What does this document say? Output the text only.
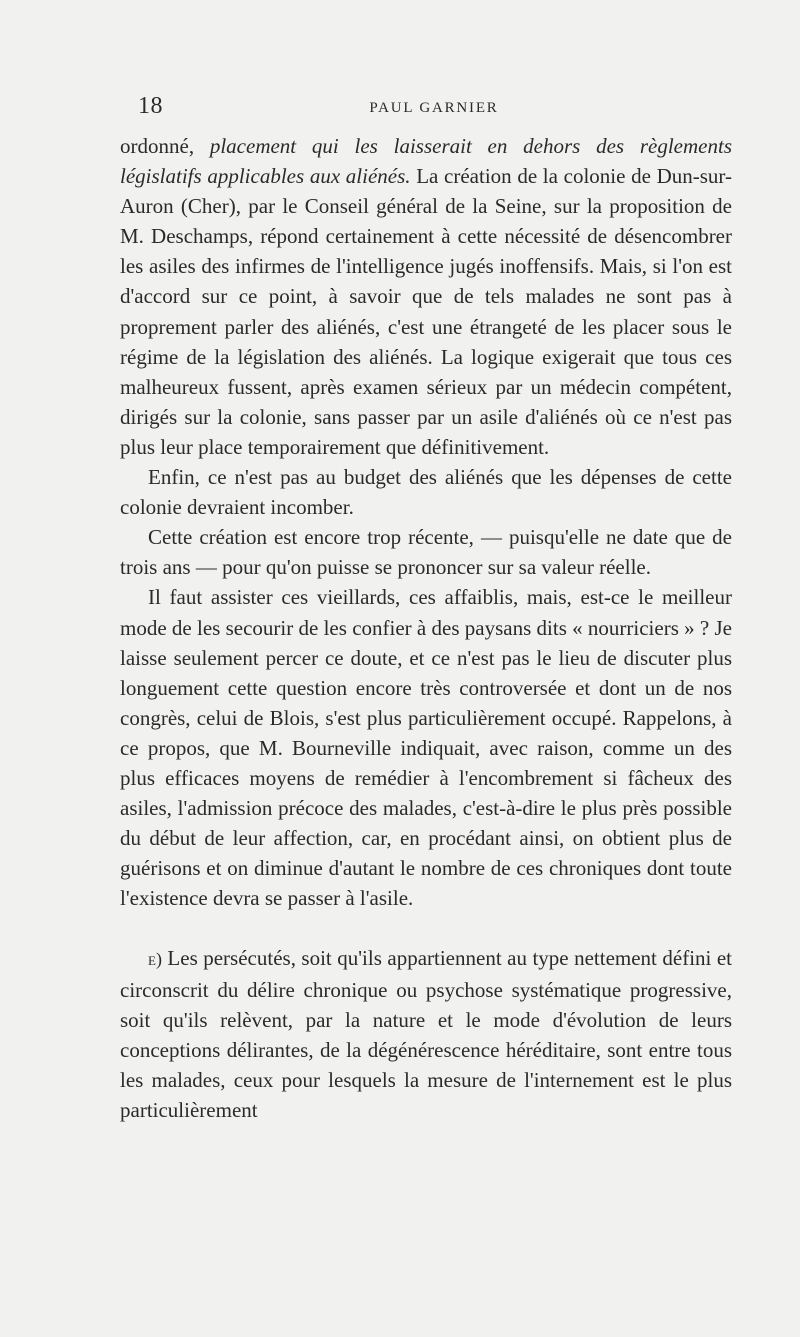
18	PAUL GARNIER

ordonné, placement qui les laisserait en dehors des règlements législatifs applicables aux aliénés. La création de la colonie de Dun-sur-Auron (Cher), par le Conseil général de la Seine, sur la proposition de M. Deschamps, répond certainement à cette nécessité de désencombrer les asiles des infirmes de l'intelligence jugés inoffensifs. Mais, si l'on est d'accord sur ce point, à savoir que de tels malades ne sont pas à proprement parler des aliénés, c'est une étrangeté de les placer sous le régime de la législation des aliénés. La logique exigerait que tous ces malheureux fussent, après examen sérieux par un médecin compétent, dirigés sur la colonie, sans passer par un asile d'aliénés où ce n'est pas plus leur place temporairement que définitivement.

Enfin, ce n'est pas au budget des aliénés que les dépenses de cette colonie devraient incomber.

Cette création est encore trop récente, — puisqu'elle ne date que de trois ans — pour qu'on puisse se prononcer sur sa valeur réelle.

Il faut assister ces vieillards, ces affaiblis, mais, est-ce le meilleur mode de les secourir de les confier à des paysans dits « nourriciers » ? Je laisse seulement percer ce doute, et ce n'est pas le lieu de discuter plus longuement cette question encore très controversée et dont un de nos congrès, celui de Blois, s'est plus particulièrement occupé. Rappelons, à ce propos, que M. Bourneville indiquait, avec raison, comme un des plus efficaces moyens de remédier à l'encombrement si fâcheux des asiles, l'admission précoce des malades, c'est-à-dire le plus près possible du début de leur affection, car, en procédant ainsi, on obtient plus de guérisons et on diminue d'autant le nombre de ces chroniques dont toute l'existence devra se passer à l'asile.

e) Les persécutés, soit qu'ils appartiennent au type nettement défini et circonscrit du délire chronique ou psychose systématique progressive, soit qu'ils relèvent, par la nature et le mode d'évolution de leurs conceptions délirantes, de la dégénérescence héréditaire, sont entre tous les malades, ceux pour lesquels la mesure de l'internement est le plus particulièrement
